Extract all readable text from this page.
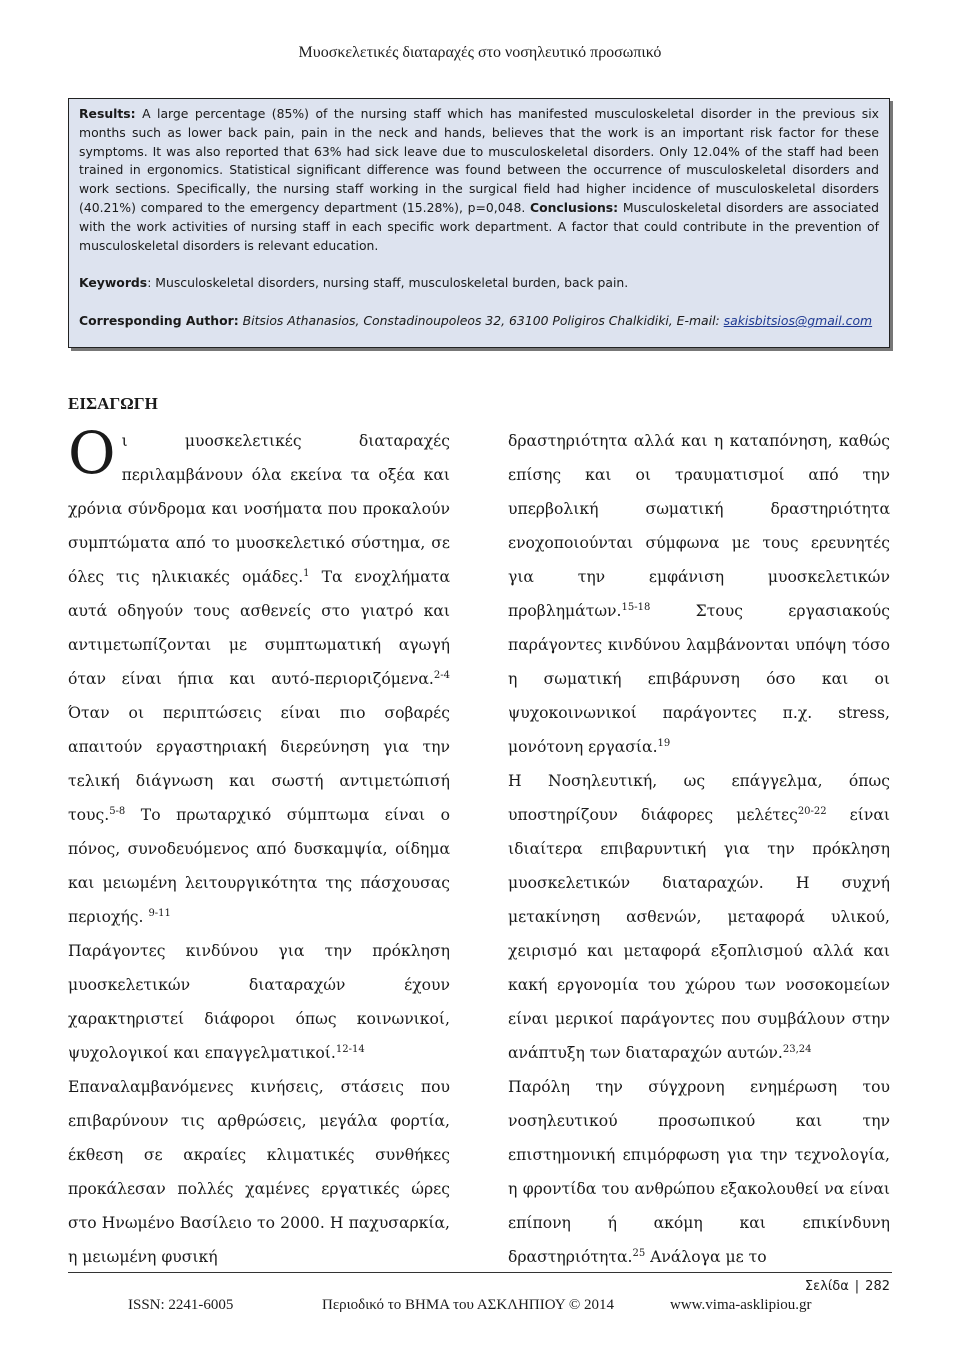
Μυοσκελετικές διαταραχές στο νοσηλευτικό προσωπικό

Results: A large percentage (85%) of the nursing staff which has manifested musculoskeletal disorder in the previous six months such as lower back pain, pain in the neck and hands, believes that the work is an important risk factor for these symptoms. It was also reported that 63% had sick leave due to musculoskeletal disorders. Only 12.04% of the staff had been trained in ergonomics. Statistical significant difference was found between the occurrence of musculoskeletal disorders and work sections. Specifically, the nursing staff working in the surgical field had higher incidence of musculoskeletal disorders (40.21%) compared to the emergency department (15.28%), p=0,048. Conclusions: Musculoskeletal disorders are associated with the work activities of nursing staff in each specific work department. A factor that could contribute in the prevention of musculoskeletal disorders is relevant education.

Keywords: Musculoskeletal disorders, nursing staff, musculoskeletal burden, back pain.

Corresponding Author: Bitsios Athanasios, Constadinoupoleos 32, 63100 Poligiros Chalkidiki, E-mail: sakisbitsios@gmail.com

ΕΙΣΑΓΩΓΗ

Οι μυοσκελετικές διαταραχές περιλαμβάνουν όλα εκείνα τα οξέα και χρόνια σύνδρομα και νοσήματα που προκαλούν συμπτώματα από το μυοσκελετικό σύστημα, σε όλες τις ηλικιακές ομάδες.$^1$ Τα ενοχλήματα αυτά οδηγούν τους ασθενείς στο γιατρό και αντιμετωπίζονται με συμπτωματική αγωγή όταν είναι ήπια και αυτό-περιοριζόμενα.$^{2-4}$ Όταν οι περιπτώσεις είναι πιο σοβαρές απαιτούν εργαστηριακή διερεύνηση για την τελική διάγνωση και σωστή αντιμετώπισή τους.$^{5-8}$ Το πρωταρχικό σύμπτωμα είναι ο πόνος, συνοδευόμενος από δυσκαμψία, οίδημα και μειωμένη λειτουργικότητα της πάσχουσας περιοχής. $^{9-11}$

Παράγοντες κινδύνου για την πρόκληση μυοσκελετικών διαταραχών έχουν χαρακτηριστεί διάφοροι όπως κοινωνικοί, ψυχολογικοί και επαγγελματικοί.$^{12-14}$

Επαναλαμβανόμενες κινήσεις, στάσεις που επιβαρύνουν τις αρθρώσεις, μεγάλα φορτία, έκθεση σε ακραίες κλιματικές συνθήκες προκάλεσαν πολλές χαμένες εργατικές ώρες στο Ηνωμένο Βασίλειο το 2000. Η παχυσαρκία, η μειωμένη φυσική

δραστηριότητα αλλά και η καταπόνηση, καθώς επίσης και οι τραυματισμοί από την υπερβολική σωματική δραστηριότητα ενοχοποιούνται σύμφωνα με τους ερευνητές για την εμφάνιση μυοσκελετικών προβλημάτων.$^{15-18}$ Στους εργασιακούς παράγοντες κινδύνου λαμβάνονται υπόψη τόσο η σωματική επιβάρυνση όσο και οι ψυχοκοινωνικοί παράγοντες π.χ. stress, μονότονη εργασία.$^{19}$

Η Νοσηλευτική, ως επάγγελμα, όπως υποστηρίζουν διάφορες μελέτες$^{20-22}$ είναι ιδιαίτερα επιβαρυντική για την πρόκληση μυοσκελετικών διαταραχών. Η συχνή μετακίνηση ασθενών, μεταφορά υλικού, χειρισμό και μεταφορά εξοπλισμού αλλά και κακή εργονομία του χώρου των νοσοκομείων είναι μερικοί παράγοντες που συμβάλουν στην ανάπτυξη των διαταραχών αυτών.$^{23,24}$

Παρόλη την σύγχρονη ενημέρωση του νοσηλευτικού προσωπικού και την επιστημονική επιμόρφωση για την τεχνολογία, η φροντίδα του ανθρώπου εξακολουθεί να είναι επίπονη ή ακόμη και επικίνδυνη δραστηριότητα.$^{25}$ Ανάλογα με το

Σελίδα | 282
ISSN: 2241-6005	Περιοδικό το ΒΗΜΑ του ΑΣΚΛΗΠΙΟΥ © 2014	www.vima-asklipiou.gr
